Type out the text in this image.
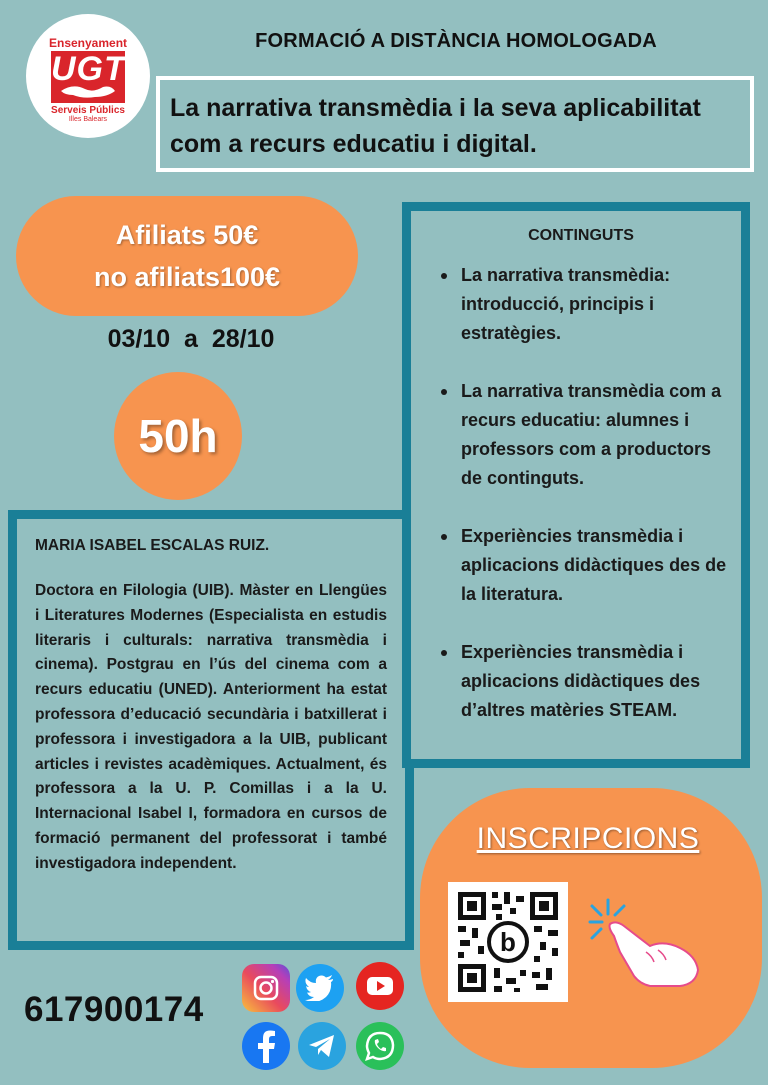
Ensenyament
UGT
Serveis Públics
Illes Balears
FORMACIÓ A DISTÀNCIA HOMOLOGADA
La narrativa transmèdia i la seva aplicabilitat
com a recurs educatiu i digital.
Afiliats 50€
no afiliats100€
03/10  a  28/10
50h
MARIA ISABEL ESCALAS RUIZ.
Doctora en Filologia (UIB). Màster en Llengües i Literatures Modernes (Especialista en estudis literaris i culturals: narrativa transmèdia i cinema). Postgrau en l’ús del cinema com a recurs educatiu (UNED). Anteriorment ha estat professora d’educació secundària i batxillerat i professora i investigadora a la UIB, publicant articles i revistes acadèmiques. Actualment, és professora a la U. P. Comillas i a la U. Internacional Isabel I, formadora en cursos de formació permanent del professorat i també investigadora independent.
CONTINGUTS
La narrativa transmèdia: introducció, principis i estratègies.
La narrativa transmèdia com a recurs educatiu: alumnes i professors com a productors de continguts.
Experiències transmèdia i aplicacions didàctiques des de la literatura.
Experiències transmèdia i aplicacions didàctiques des d’altres matèries STEAM.
INSCRIPCIONS
b
617900174
